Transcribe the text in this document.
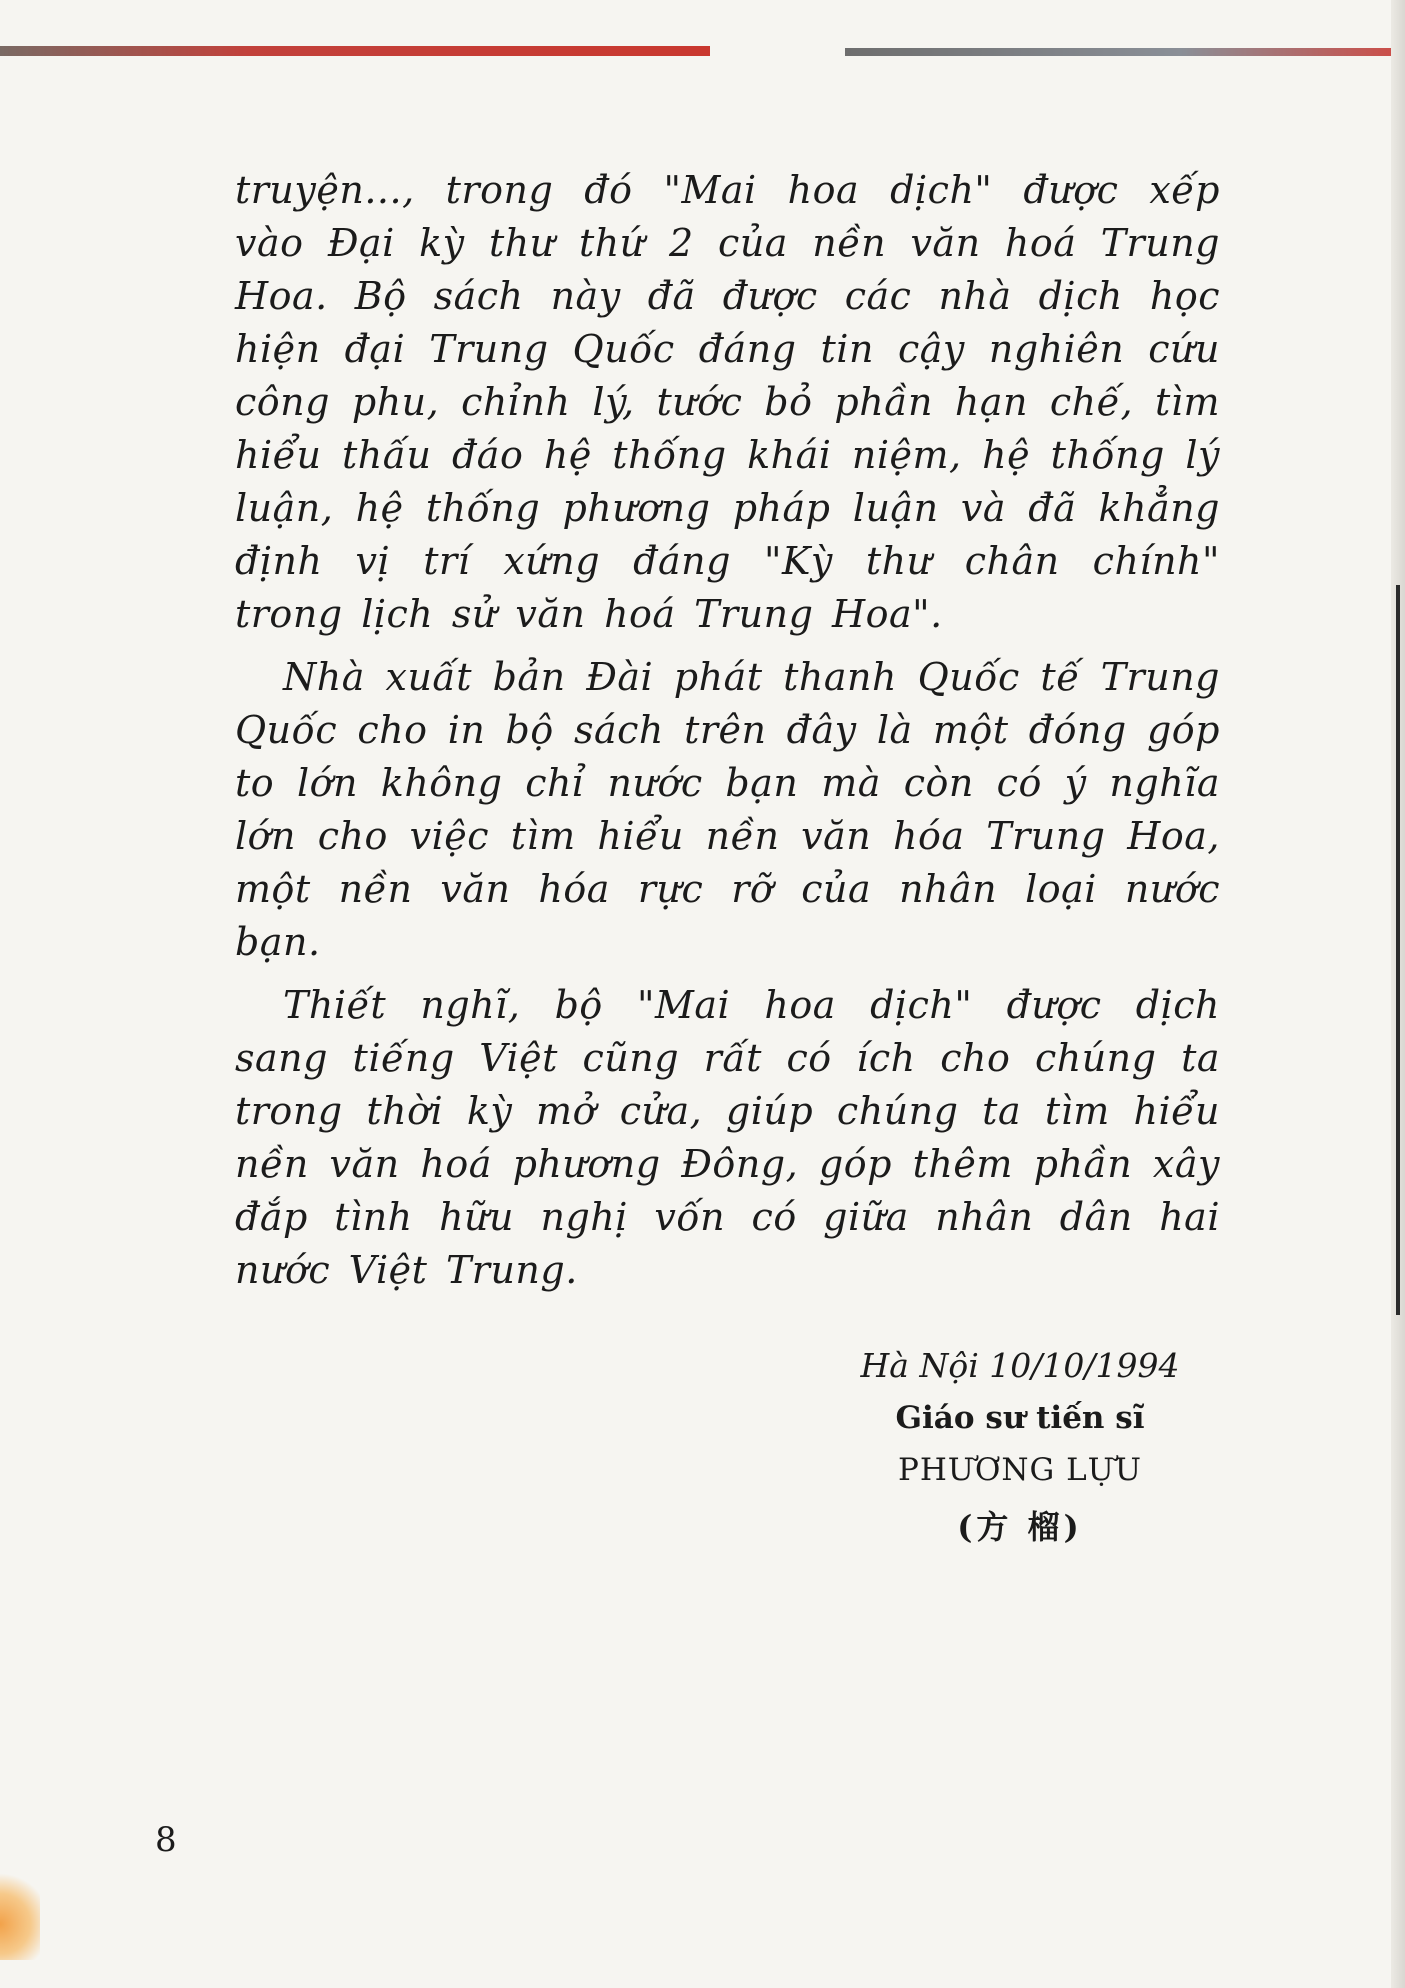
truyện..., trong đó "Mai hoa dịch" được xếp vào Đại kỳ thư thứ 2 của nền văn hoá Trung Hoa. Bộ sách này đã được các nhà dịch học hiện đại Trung Quốc đáng tin cậy nghiên cứu công phu, chỉnh lý, tước bỏ phần hạn chế, tìm hiểu thấu đáo hệ thống khái niệm, hệ thống lý luận, hệ thống phương pháp luận và đã khẳng định vị trí xứng đáng "Kỳ thư chân chính" trong lịch sử văn hoá Trung Hoa".

Nhà xuất bản Đài phát thanh Quốc tế Trung Quốc cho in bộ sách trên đây là một đóng góp to lớn không chỉ nước bạn mà còn có ý nghĩa lớn cho việc tìm hiểu nền văn hóa Trung Hoa, một nền văn hóa rực rỡ của nhân loại nước bạn.

Thiết nghĩ, bộ "Mai hoa dịch" được dịch sang tiếng Việt cũng rất có ích cho chúng ta trong thời kỳ mở cửa, giúp chúng ta tìm hiểu nền văn hoá phương Đông, góp thêm phần xây đắp tình hữu nghị vốn có giữa nhân dân hai nước Việt Trung.

Hà Nội 10/10/1994
Giáo sư tiến sĩ
PHƯƠNG LỰU
(方 榴)
8
